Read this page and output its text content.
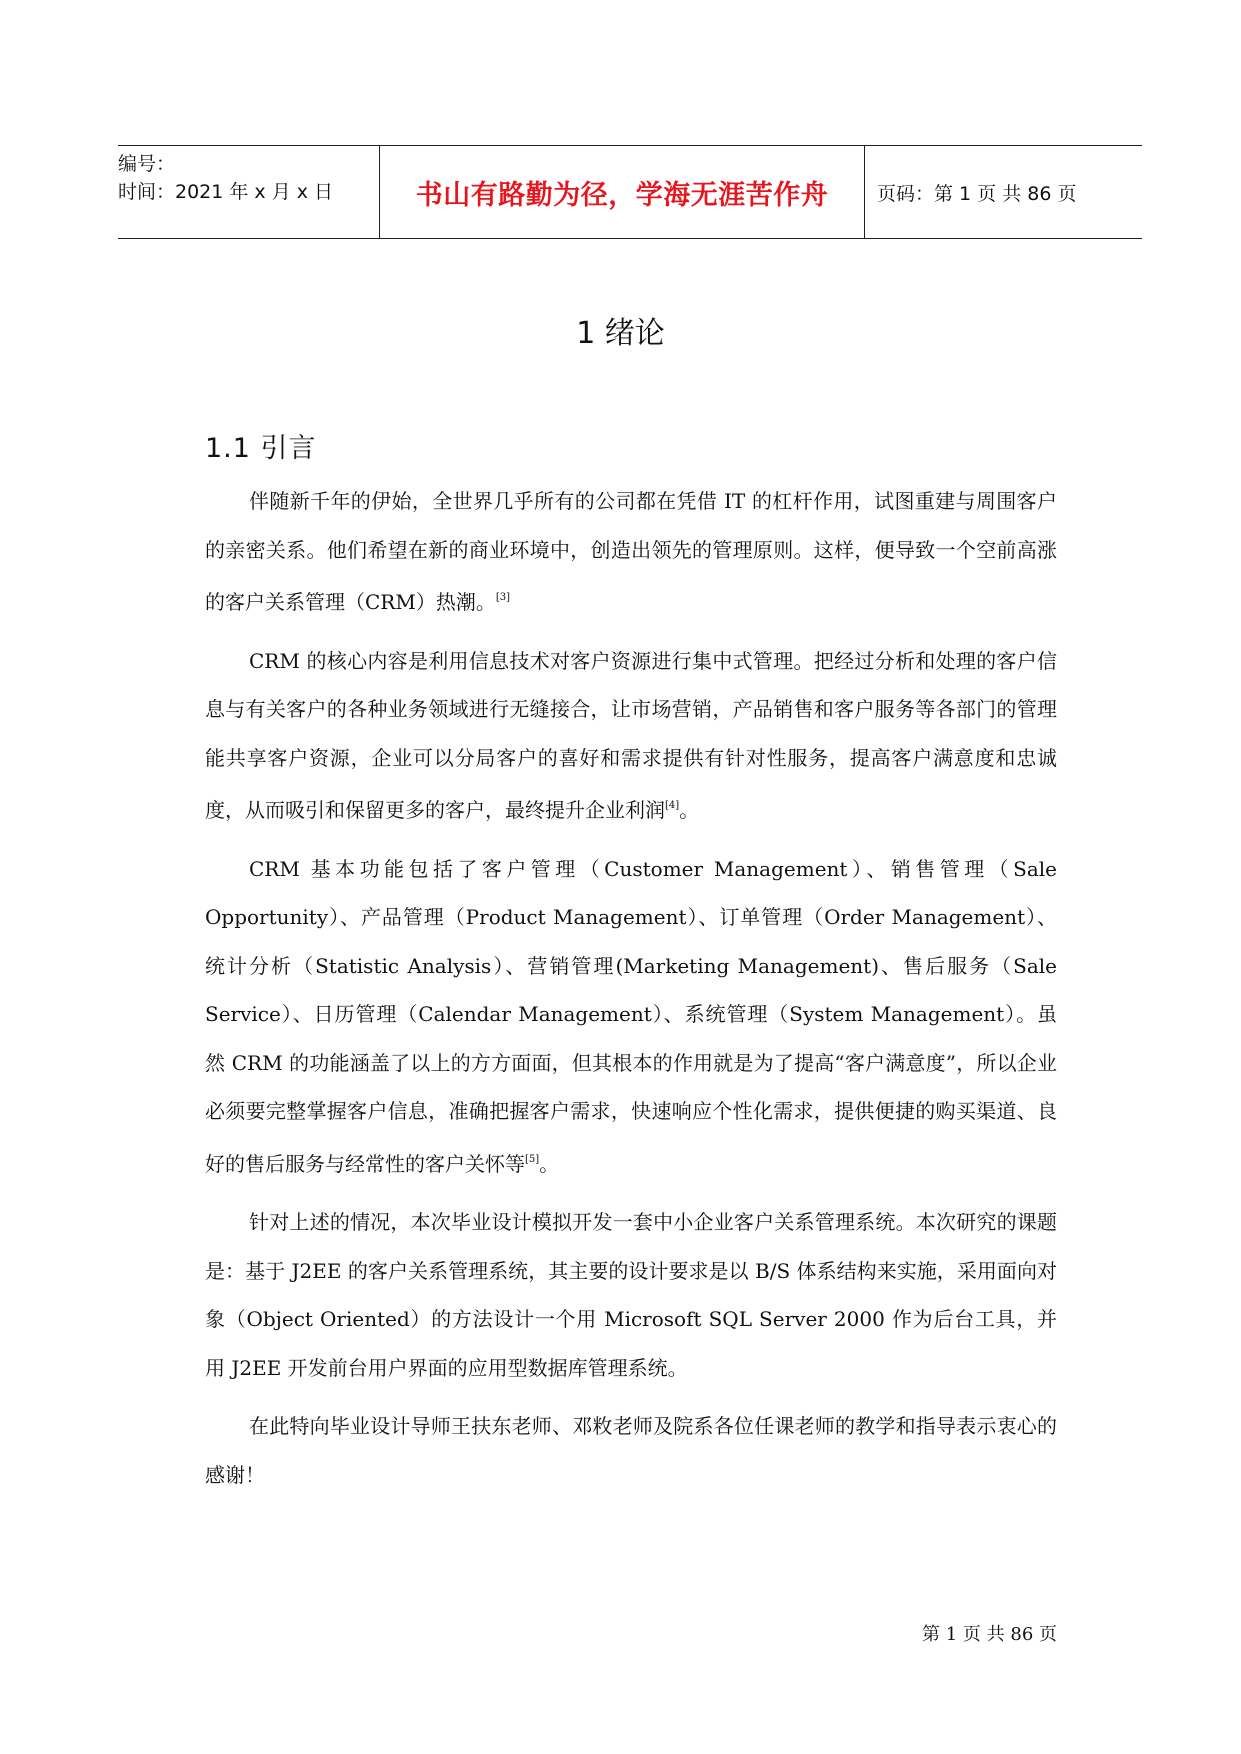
编号：
时间：2021 年 x 月 x 日	书山有路勤为径，学海无涯苦作舟	页码：第 1 页 共 86 页
1 绪论
1.1 引言

伴随新千年的伊始，全世界几乎所有的公司都在凭借 IT 的杠杆作用，试图重建与周围客户的亲密关系。他们希望在新的商业环境中，创造出领先的管理原则。这样，便导致一个空前高涨的客户关系管理（CRM）热潮。[3]

CRM 的核心内容是利用信息技术对客户资源进行集中式管理。把经过分析和处理的客户信息与有关客户的各种业务领域进行无缝接合，让市场营销，产品销售和客户服务等各部门的管理能共享客户资源，企业可以分局客户的喜好和需求提供有针对性服务，提高客户满意度和忠诚度，从而吸引和保留更多的客户，最终提升企业利润[4]。

CRM 基本功能包括了客户管理（Customer Management）、销售管理（Sale Opportunity）、产品管理（Product Management）、订单管理（Order Management）、统计分析（Statistic Analysis）、营销管理(Marketing Management)、售后服务（Sale Service）、日历管理（Calendar Management）、系统管理（System Management）。虽然 CRM 的功能涵盖了以上的方方面面，但其根本的作用就是为了提高“客户满意度”，所以企业必须要完整掌握客户信息，准确把握客户需求，快速响应个性化需求，提供便捷的购买渠道、良好的售后服务与经常性的客户关怀等[5]。

针对上述的情况，本次毕业设计模拟开发一套中小企业客户关系管理系统。本次研究的课题是：基于 J2EE 的客户关系管理系统，其主要的设计要求是以 B/S 体系结构来实施，采用面向对象（Object Oriented）的方法设计一个用 Microsoft SQL Server 2000 作为后台工具，并用 J2EE 开发前台用户界面的应用型数据库管理系统。

在此特向毕业设计导师王扶东老师、邓敉老师及院系各位任课老师的教学和指导表示衷心的感谢！

第 1 页 共 86 页
